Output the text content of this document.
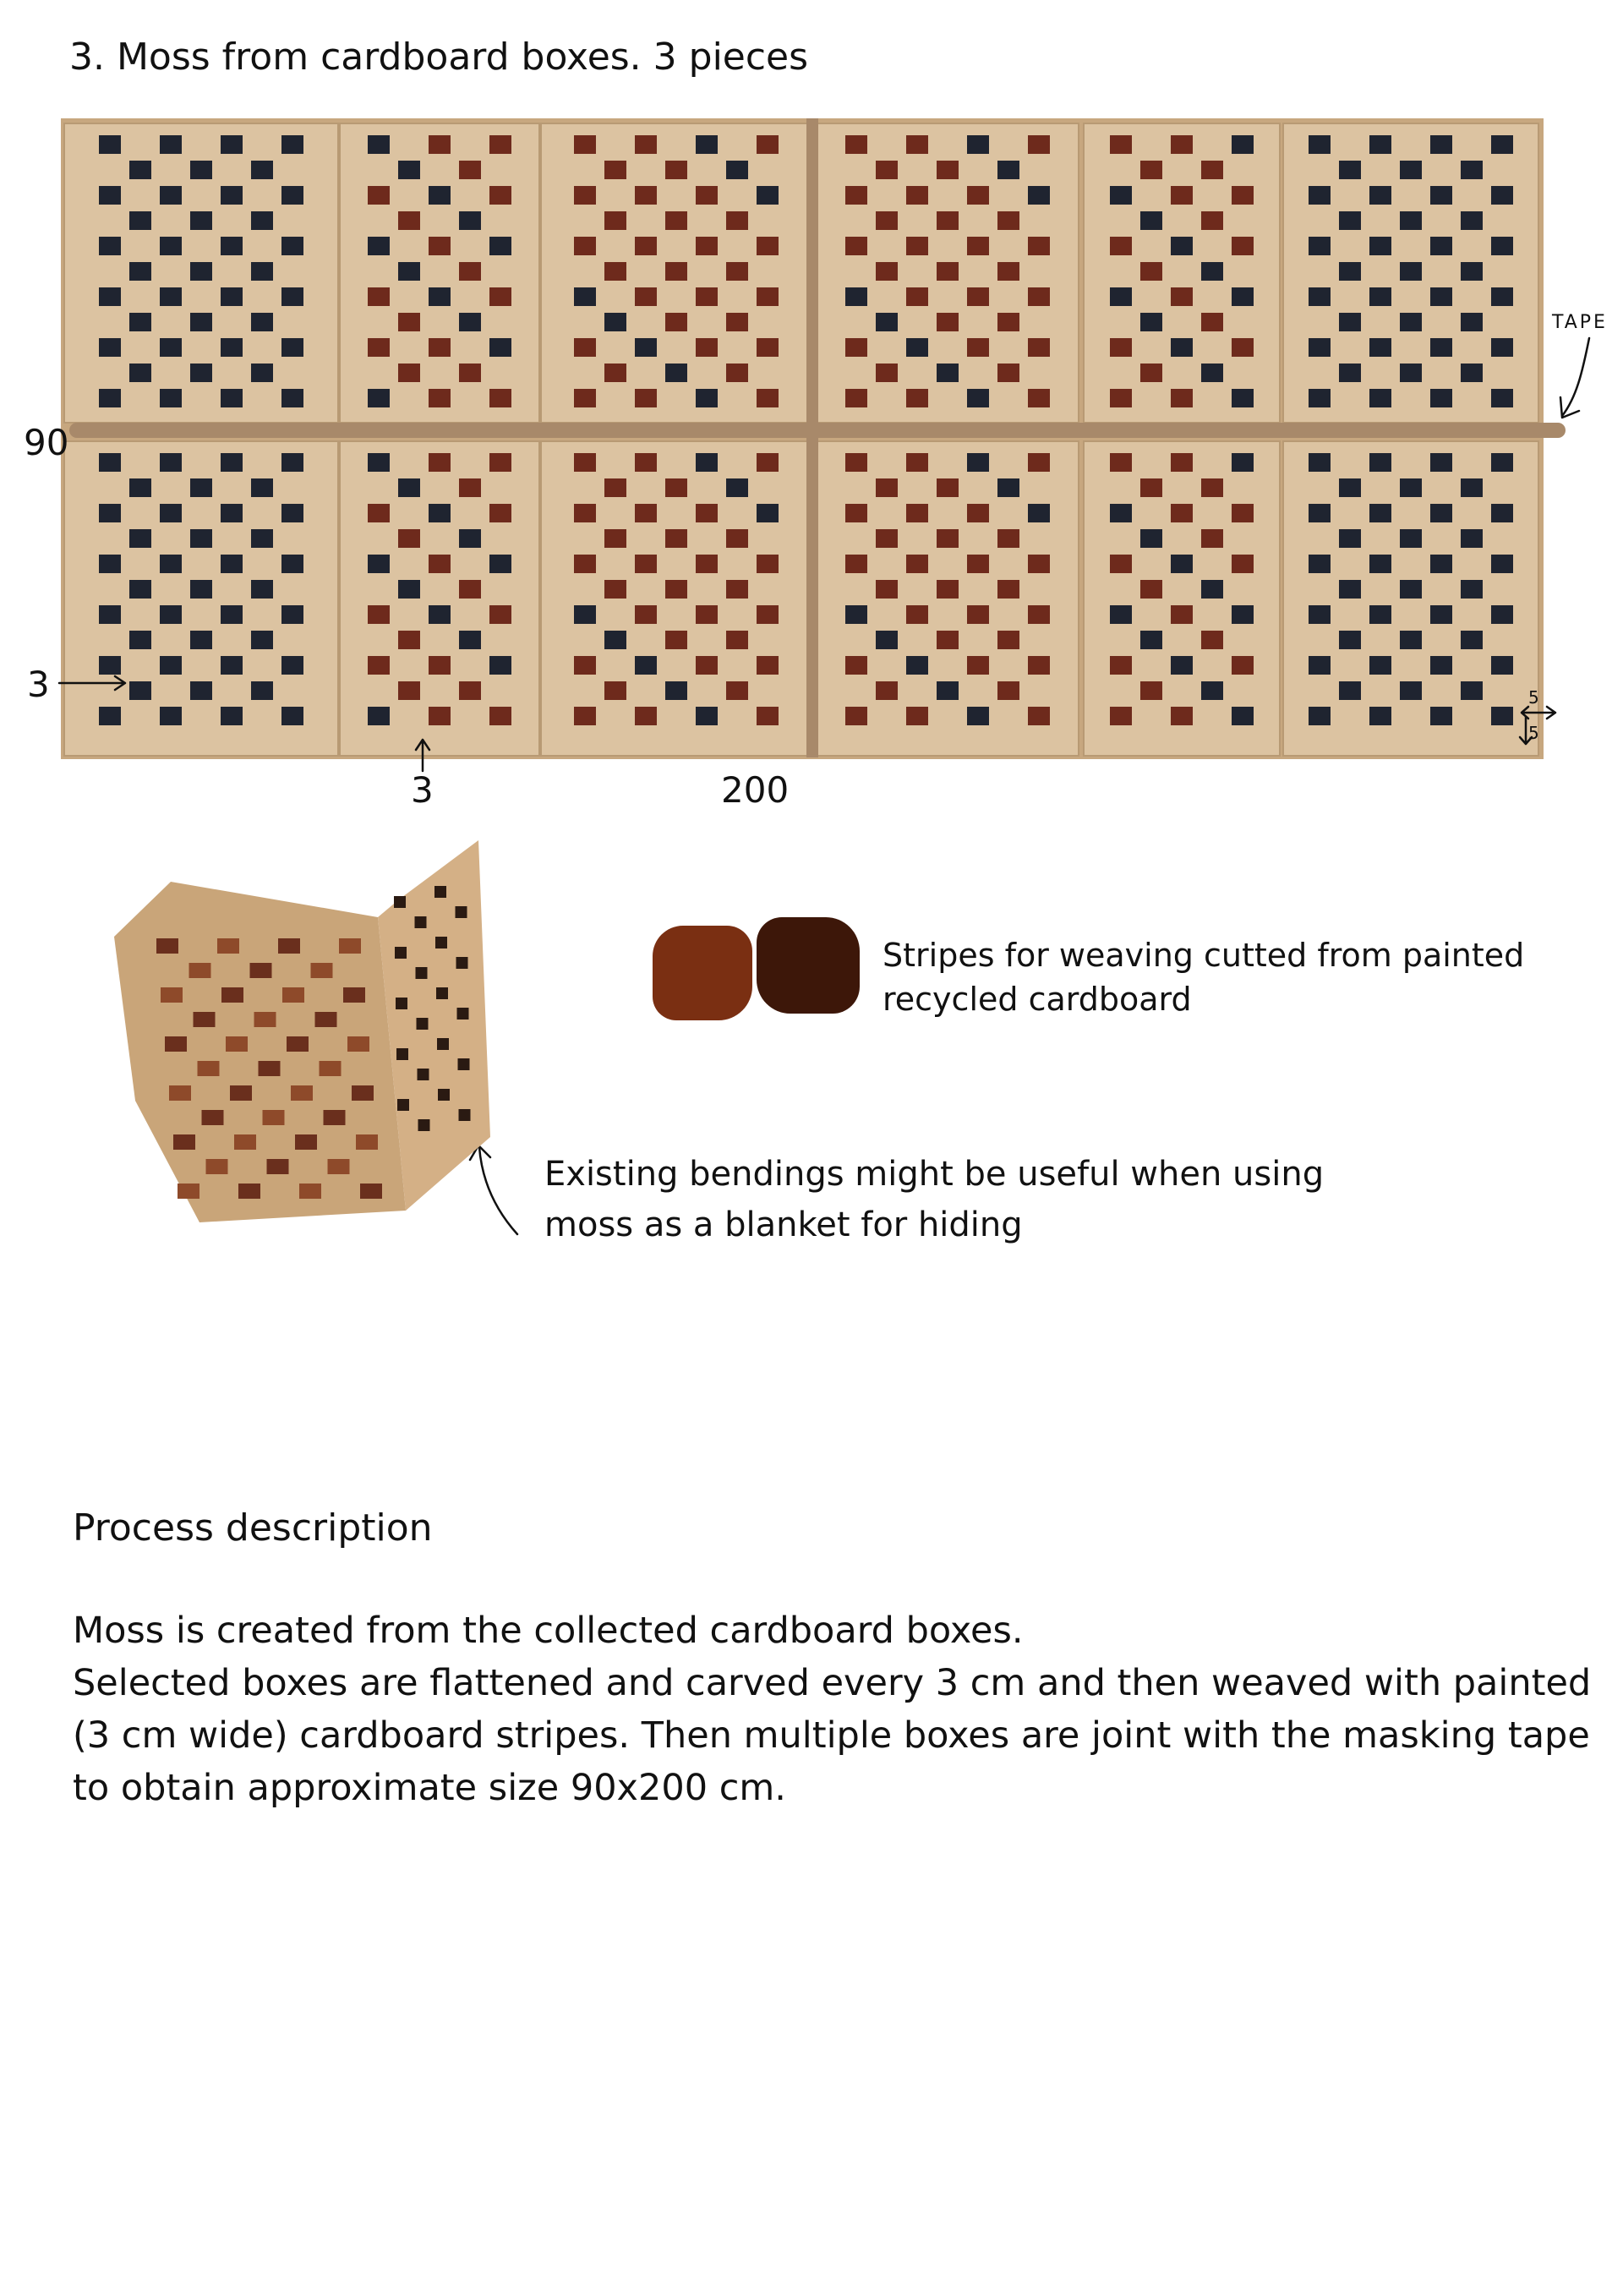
3. Moss from cardboard boxes. 3 pieces
90
3
3	200
TAPE
5
5
Stripes for weaving cutted from painted
recycled cardboard
Existing bendings might be useful when using
moss as a blanket for hiding
Process description
Moss is created from the collected cardboard boxes.
Selected boxes are flattened and carved every 3 cm and then weaved with painted
(3 cm wide) cardboard stripes. Then multiple boxes are joint with the masking tape
to obtain approximate size 90x200 cm.
